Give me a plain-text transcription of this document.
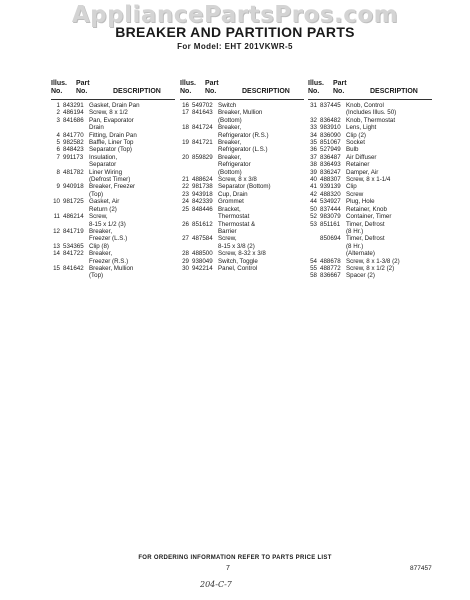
AppliancePartsPros.com
BREAKER AND PARTITION PARTS
For Model: EHT 201VKWR-5
Illus.
No.
Part
No.	DESCRIPTION
1 843291 Gasket, Drain Pan
2 486194 Screw, 8 x 1/2
3 841686 Pan, Evaporator
Drain
4 841770 Fitting, Drain Pan
5 982582 Baffle, Liner Top
6 848423 Separator (Top)
7 991173 Insulation,
Separator
8 481782 Liner Wiring
(Defrost Timer)
9 940918 Breaker, Freezer
(Top)
10 981725 Gasket, Air
Return (2)
11 486214 Screw,
8-15 x 1/2 (3)
12 841719 Breaker,
Freezer (L.S.)
13 534365 Clip (8)
14 841722 Breaker,
Freezer (R.S.)
15 841642 Breaker, Mullion
(Top)
Illus.
No.
Part
No.	DESCRIPTION
16 549702 Switch
17 841643 Breaker, Mullion
(Bottom)
18 841724 Breaker,
Refrigerator (R.S.)
19 841721 Breaker,
Refrigerator (L.S.)
20 859829 Breaker,
Refrigerator
(Bottom)
21 488624 Screw, 8 x 3/8
22 981738 Separator (Bottom)
23 943918 Cup, Drain
24 842339 Grommet
25 848446 Bracket,
Thermostat
26 851612 Thermostat &
Barrier
27 487584 Screw,
8-15 x 3/8 (2)
28 488500 Screw, 8-32 x 3/8
29 938049 Switch, Toggle
30 942214 Panel, Control
Illus.
No.
Part
No.	DESCRIPTION
31 837445 Knob, Control
(Includes Illus. 50)
32 836482 Knob, Thermostat
33 983910 Lens, Light
34 836090 Clip (2)
35 851067 Socket
36 527949 Bulb
37 836487 Air Diffuser
38 836493 Retainer
39 836247 Damper, Air
40 488307 Screw, 8 x 1-1/4
41 939139 Clip
42 488320 Screw
44 534927 Plug, Hole
50 837444 Retainer, Knob
52 983079 Container, Timer
53 851161 Timer, Defrost
(8 Hr.)
850694 Timer, Defrost
(8 Hr.)
(Alternate)
54 488678 Screw, 8 x 1-3/8 (2)
55 488772 Screw, 8 x 1/2 (2)
58 836667 Spacer (2)
FOR ORDERING INFORMATION REFER TO PARTS PRICE LIST
7	877457
204-C-7
